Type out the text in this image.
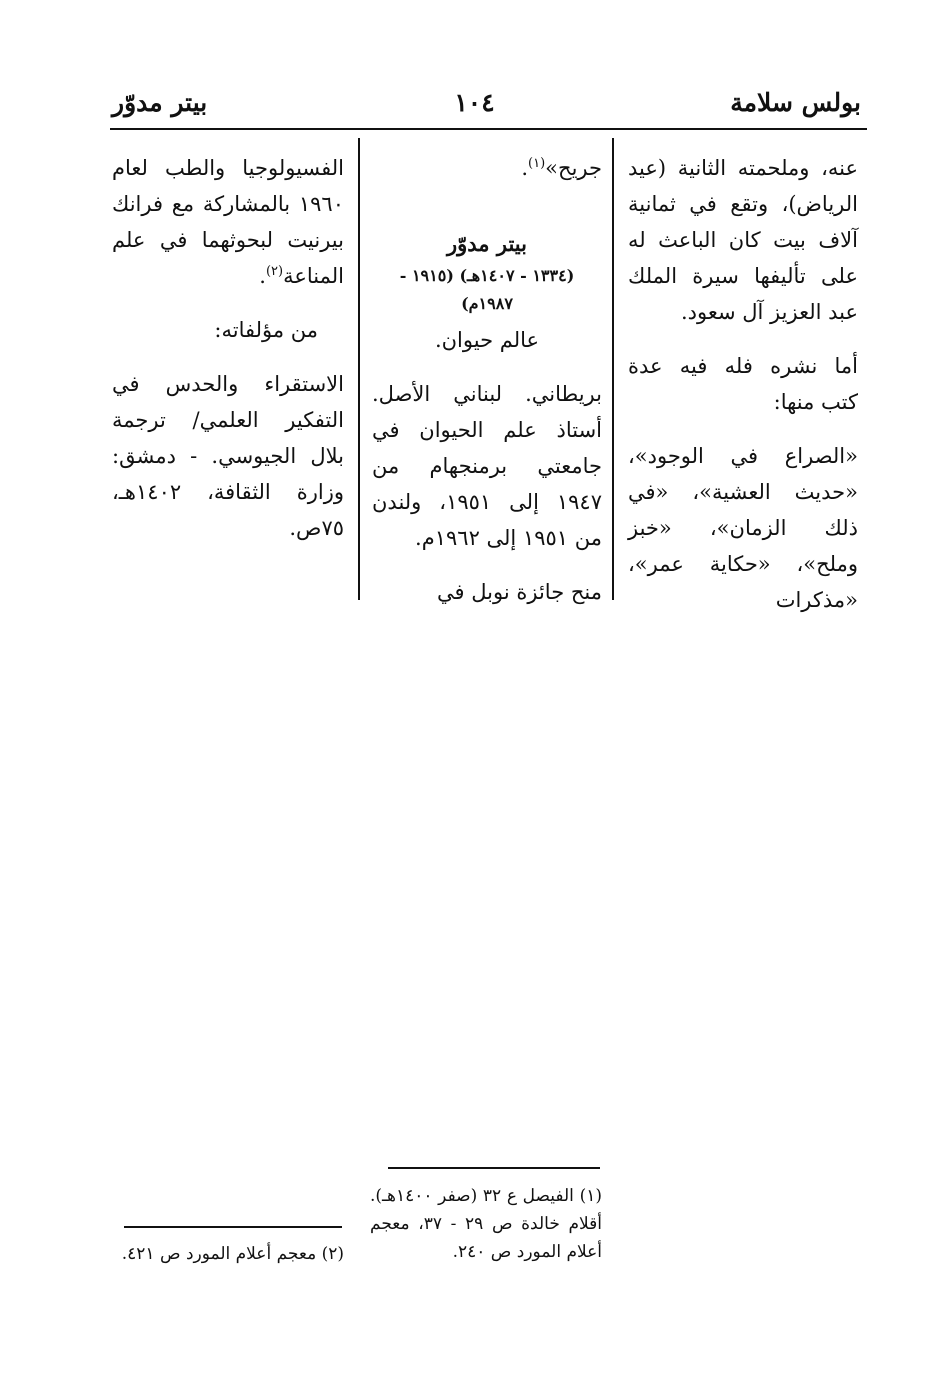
بولس سلامة
١٠٤
بيتر مدوّر

عنه، وملحمته الثانية (عيد الرياض)، وتقع في ثمانية آلاف بيت كان الباعث له على تأليفها سيرة الملك عبد العزيز آل سعود.

أما نشره فله فيه عدة كتب منها:

«الصراع في الوجود»، «حديث العشية»، «في ذلك الزمان»، «خبز وملح»، «حكاية عمر»، «مذكرات

جريح»$^{(١)}$.

بيتر مدوّر

(١٣٣٤ - ١٤٠٧هـ) (١٩١٥ - ١٩٨٧م)

عالم حيوان.

بريطاني. لبناني الأصل. أستاذ علم الحيوان في جامعتي برمنجهام من ١٩٤٧ إلى ١٩٥١، ولندن من ١٩٥١ إلى ١٩٦٢م.

منح جائزة نوبل في

الفسيولوجيا والطب لعام ١٩٦٠ بالمشاركة مع فرانك بيرنيت لبحوثهما في علم المناعة$^{(٢)}$.

من مؤلفاته:

الاستقراء والحدس في التفكير العلمي/ ترجمة بلال الجيوسي. - دمشق: وزارة الثقافة، ١٤٠٢هـ، ٧٥ص.

(١) الفيصل ع ٣٢ (صفر ١٤٠٠هـ). أقلام خالدة ص ٢٩ - ٣٧، معجم أعلام المورد ص ٢٤٠.

(٢) معجم أعلام المورد ص ٤٢١.
